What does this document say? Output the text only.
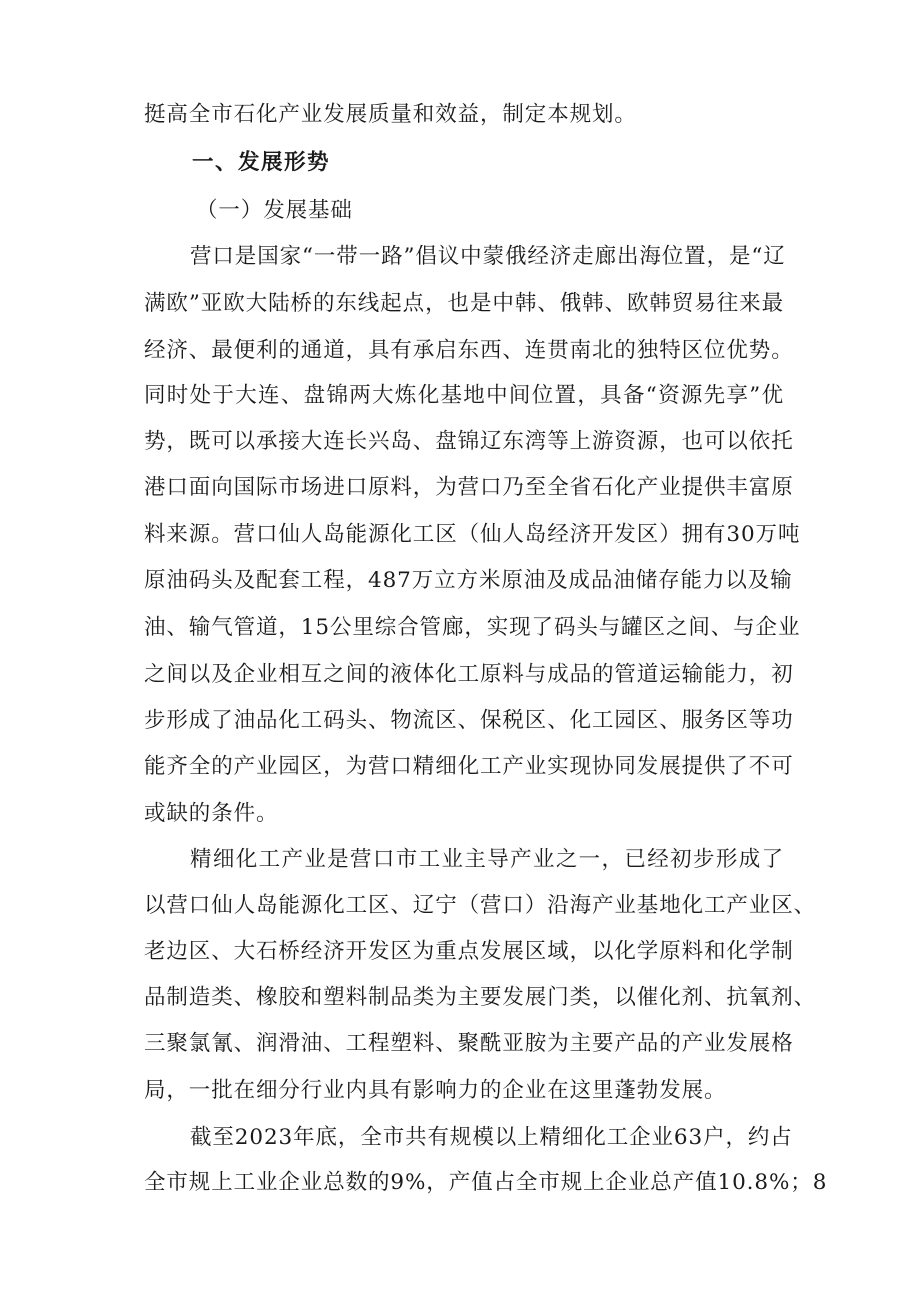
挺高全市石化产业发展质量和效益，制定本规划。
一、发展形势
（一）发展基础
营口是国家“一带一路”倡议中蒙俄经济走廊出海位置，是“辽
满欧”亚欧大陆桥的东线起点，也是中韩、俄韩、欧韩贸易往来最
经济、最便利的通道，具有承启东西、连贯南北的独特区位优势。
同时处于大连、盘锦两大炼化基地中间位置，具备“资源先享”优
势，既可以承接大连长兴岛、盘锦辽东湾等上游资源，也可以依托
港口面向国际市场进口原料，为营口乃至全省石化产业提供丰富原
料来源。营口仙人岛能源化工区（仙人岛经济开发区）拥有30万吨
原油码头及配套工程，487万立方米原油及成品油储存能力以及输
油、输气管道，15公里综合管廊，实现了码头与罐区之间、与企业
之间以及企业相互之间的液体化工原料与成品的管道运输能力，初
步形成了油品化工码头、物流区、保税区、化工园区、服务区等功
能齐全的产业园区，为营口精细化工产业实现协同发展提供了不可
或缺的条件。
精细化工产业是营口市工业主导产业之一，已经初步形成了
以营口仙人岛能源化工区、辽宁（营口）沿海产业基地化工产业区、
老边区、大石桥经济开发区为重点发展区域，以化学原料和化学制
品制造类、橡胶和塑料制品类为主要发展门类，以催化剂、抗氧剂、
三聚氯氰、润滑油、工程塑料、聚酰亚胺为主要产品的产业发展格
局，一批在细分行业内具有影响力的企业在这里蓬勃发展。
截至2023年底，全市共有规模以上精细化工企业63户，约占
全市规上工业企业总数的9%，产值占全市规上企业总产值10.8%；8
